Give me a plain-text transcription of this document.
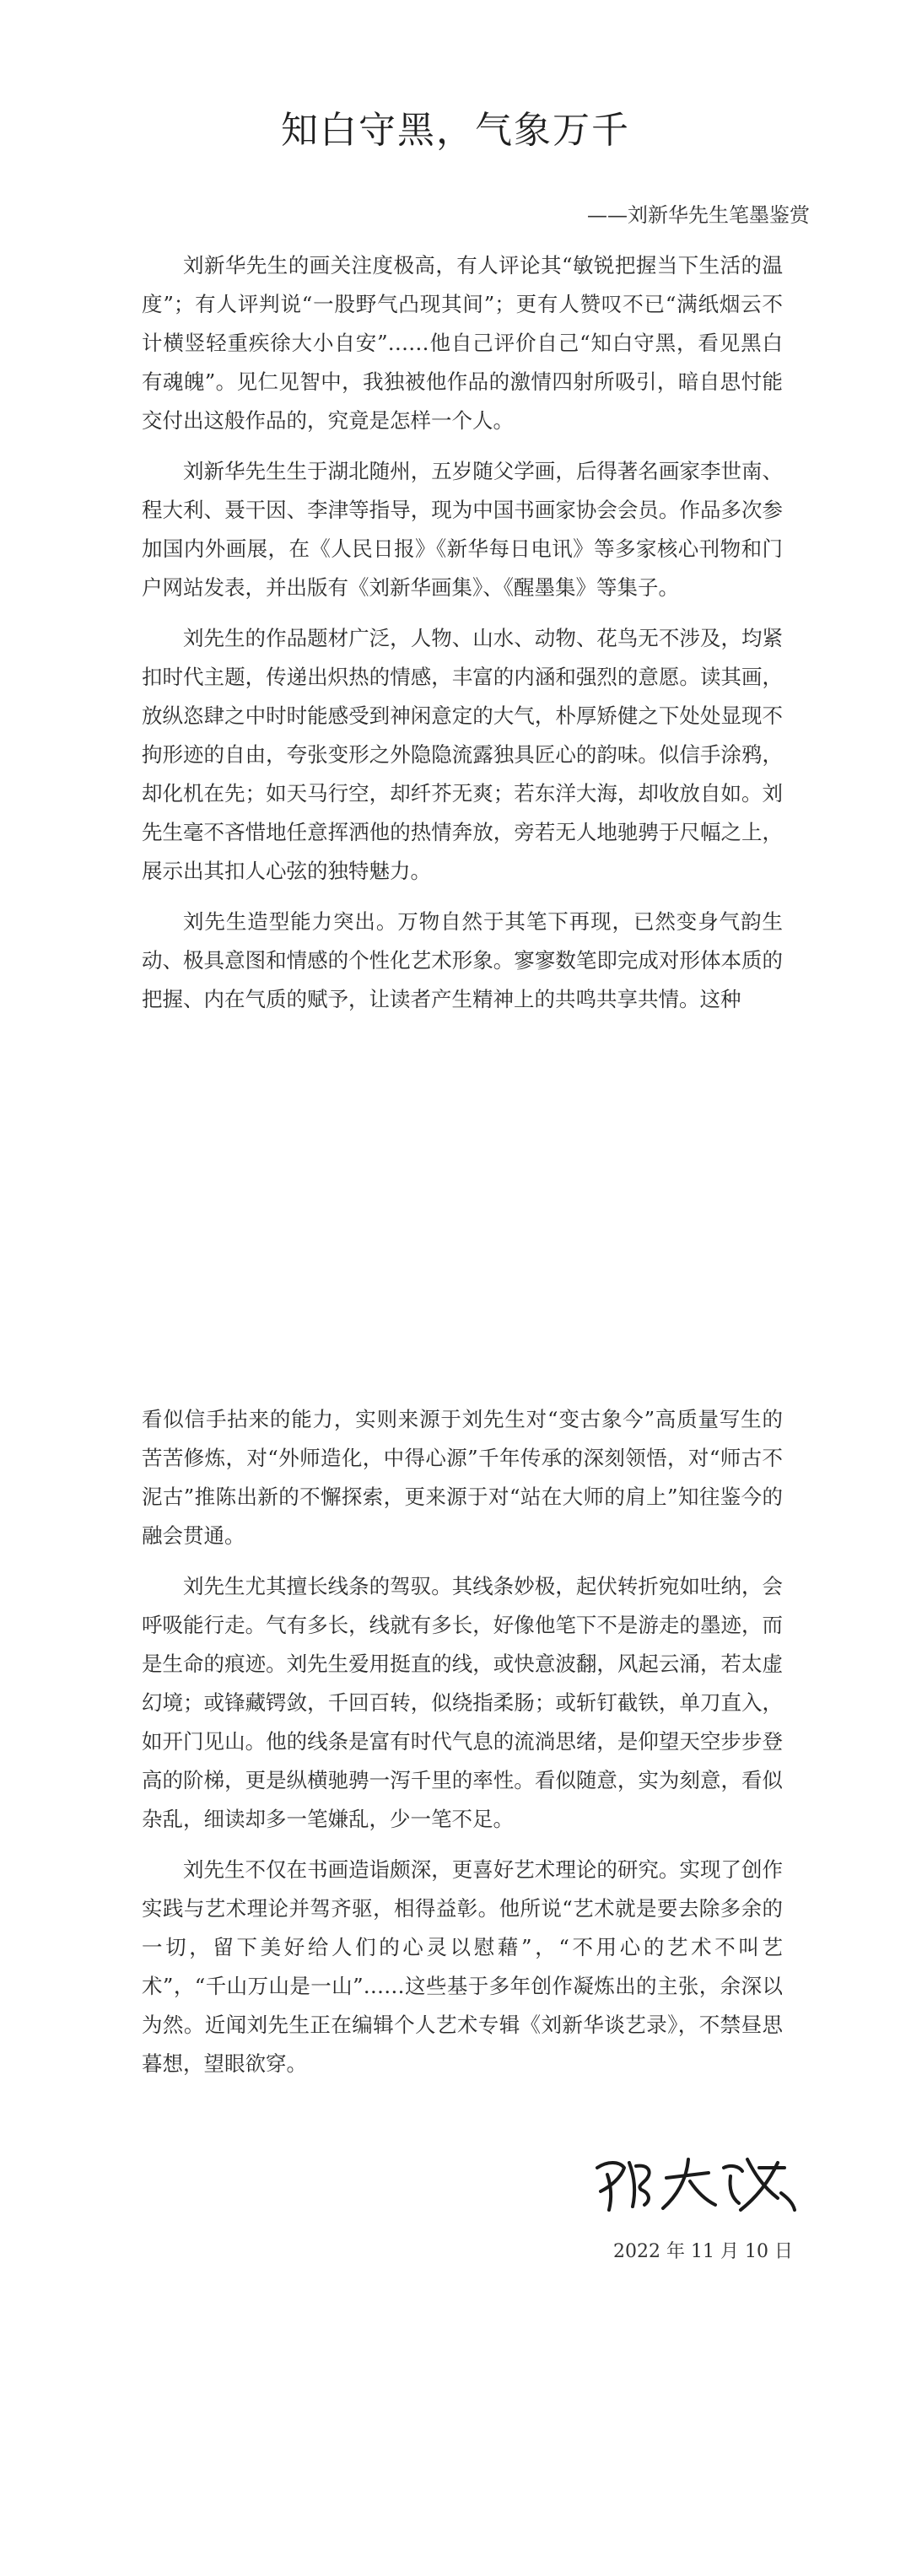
知白守黑，气象万千
——刘新华先生笔墨鉴赏

刘新华先生的画关注度极高，有人评论其“敏锐把握当下生活的温度”；有人评判说“一股野气凸现其间”；更有人赞叹不已“满纸烟云不计横竖轻重疾徐大小自安”……他自己评价自己“知白守黑，看见黑白有魂魄”。见仁见智中，我独被他作品的激情四射所吸引，暗自思忖能交付出这般作品的，究竟是怎样一个人。

刘新华先生生于湖北随州，五岁随父学画，后得著名画家李世南、程大利、聂干因、李津等指导，现为中国书画家协会会员。作品多次参加国内外画展，在《人民日报》《新华每日电讯》等多家核心刊物和门户网站发表，并出版有《刘新华画集》、《醒墨集》等集子。

刘先生的作品题材广泛，人物、山水、动物、花鸟无不涉及，均紧扣时代主题，传递出炽热的情感，丰富的内涵和强烈的意愿。读其画，放纵恣肆之中时时能感受到神闲意定的大气，朴厚矫健之下处处显现不拘形迹的自由，夸张变形之外隐隐流露独具匠心的韵味。似信手涂鸦，却化机在先；如天马行空，却纤芥无爽；若东洋大海，却收放自如。刘先生毫不吝惜地任意挥洒他的热情奔放，旁若无人地驰骋于尺幅之上，展示出其扣人心弦的独特魅力。

刘先生造型能力突出。万物自然于其笔下再现，已然变身气韵生动、极具意图和情感的个性化艺术形象。寥寥数笔即完成对形体本质的把握、内在气质的赋予，让读者产生精神上的共鸣共享共情。这种

看似信手拈来的能力，实则来源于刘先生对“变古象今”高质量写生的苦苦修炼，对“外师造化，中得心源”千年传承的深刻领悟，对“师古不泥古”推陈出新的不懈探索，更来源于对“站在大师的肩上”知往鉴今的融会贯通。

刘先生尤其擅长线条的驾驭。其线条妙极，起伏转折宛如吐纳，会呼吸能行走。气有多长，线就有多长，好像他笔下不是游走的墨迹，而是生命的痕迹。刘先生爱用挺直的线，或快意波翻，风起云涌，若太虚幻境；或锋藏锷敛，千回百转，似绕指柔肠；或斩钉截铁，单刀直入，如开门见山。他的线条是富有时代气息的流淌思绪，是仰望天空步步登高的阶梯，更是纵横驰骋一泻千里的率性。看似随意，实为刻意，看似杂乱，细读却多一笔嫌乱，少一笔不足。

刘先生不仅在书画造诣颇深，更喜好艺术理论的研究。实现了创作实践与艺术理论并驾齐驱，相得益彰。他所说“艺术就是要去除多余的一切，留下美好给人们的心灵以慰藉”，“不用心的艺术不叫艺术”，“千山万山是一山”……这些基于多年创作凝炼出的主张，余深以为然。近闻刘先生正在编辑个人艺术专辑《刘新华谈艺录》，不禁昼思暮想，望眼欲穿。

2022 年 11 月 10 日
